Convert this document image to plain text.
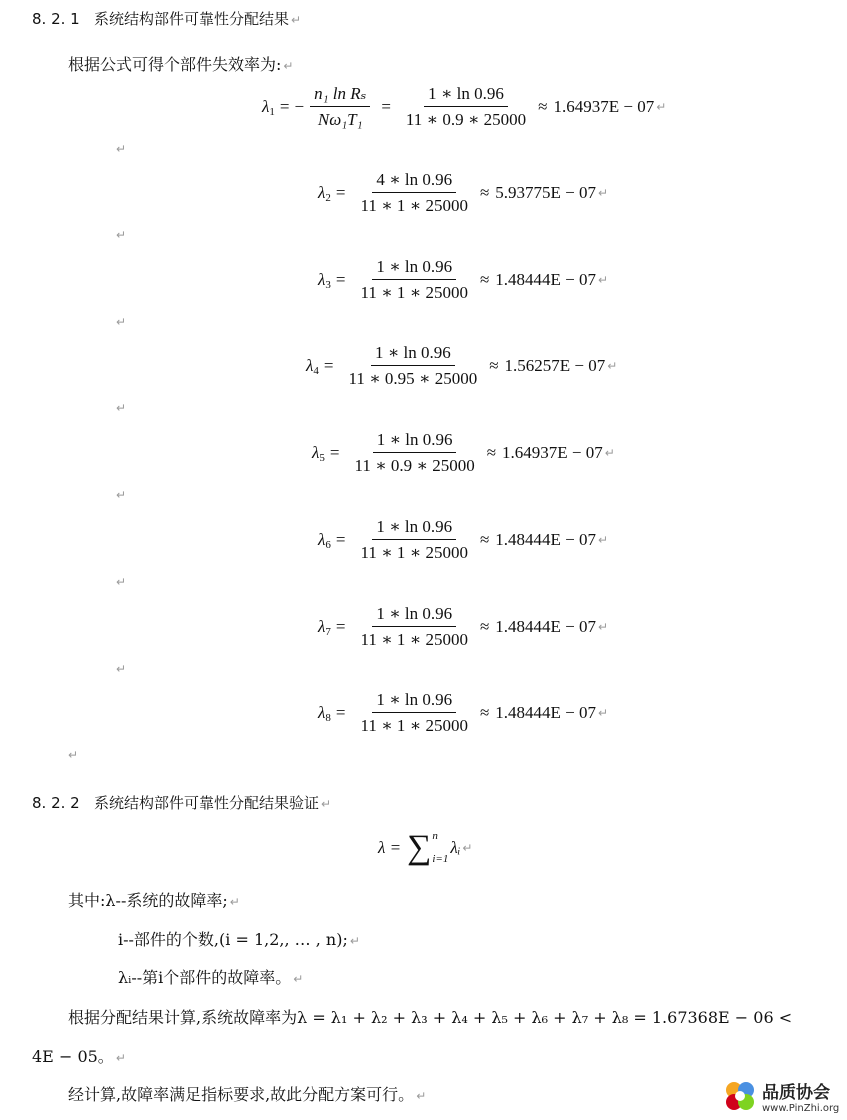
8. 2. 1 系统结构部件可靠性分配结果 ↵
根据公式可得个部件失效率为: ↵
$\lambda_1$ = − $\frac{\text{n₁ ln Rₛ}}{\text{Nω₁T₁}} = \frac{1 ∗ \ln 0.96}{11 ∗ 0.9 ∗ 25000} \approx 1.64937E - 07$ ↵
↵
$\lambda_2 = \frac{4 ∗ \ln 0.96}{11 ∗ 1 ∗ 25000} \approx 5.93775E - 07$ ↵
↵
$\lambda_3 = \frac{1 ∗ \ln 0.96}{11 ∗ 1 ∗ 25000} \approx 1.48444E - 07$ ↵
↵
$\lambda_4 = \frac{1 ∗ \ln 0.96}{11 ∗ 0.95 ∗ 25000} \approx 1.56257E - 07$ ↵
↵
$\lambda_5 = \frac{1 ∗ \ln 0.96}{11 ∗ 0.9 ∗ 25000} \approx 1.64937E - 07$ ↵
↵
$\lambda_6 = \frac{1 ∗ \ln 0.96}{11 ∗ 1 ∗ 25000} \approx 1.48444E - 07$ ↵
↵
$\lambda_7 = \frac{1 ∗ \ln 0.96}{11 ∗ 1 ∗ 25000} \approx 1.48444E - 07$ ↵
↵
$\lambda_8 = \frac{1 ∗ \ln 0.96}{11 ∗ 1 ∗ 25000} \approx 1.48444E - 07$ ↵
↵
8. 2. 2 系统结构部件可靠性分配结果验证 ↵
λ = ∑ n
i=1
λᵢ ↵
其中:λ--系统的故障率; ↵
i--部件的个数,(i = 1,2,, … , n); ↵
λᵢ--第i个部件的故障率。 ↵
根据分配结果计算,系统故障率为λ = λ₁ + λ₂ + λ₃ + λ₄ + λ₅ + λ₆ + λ₇ + λ₈ = 1.67368E − 06 <
4E − 05。 ↵
经计算,故障率满足指标要求,故此分配方案可行。 ↵	品质协会
www.PinZhi.org
